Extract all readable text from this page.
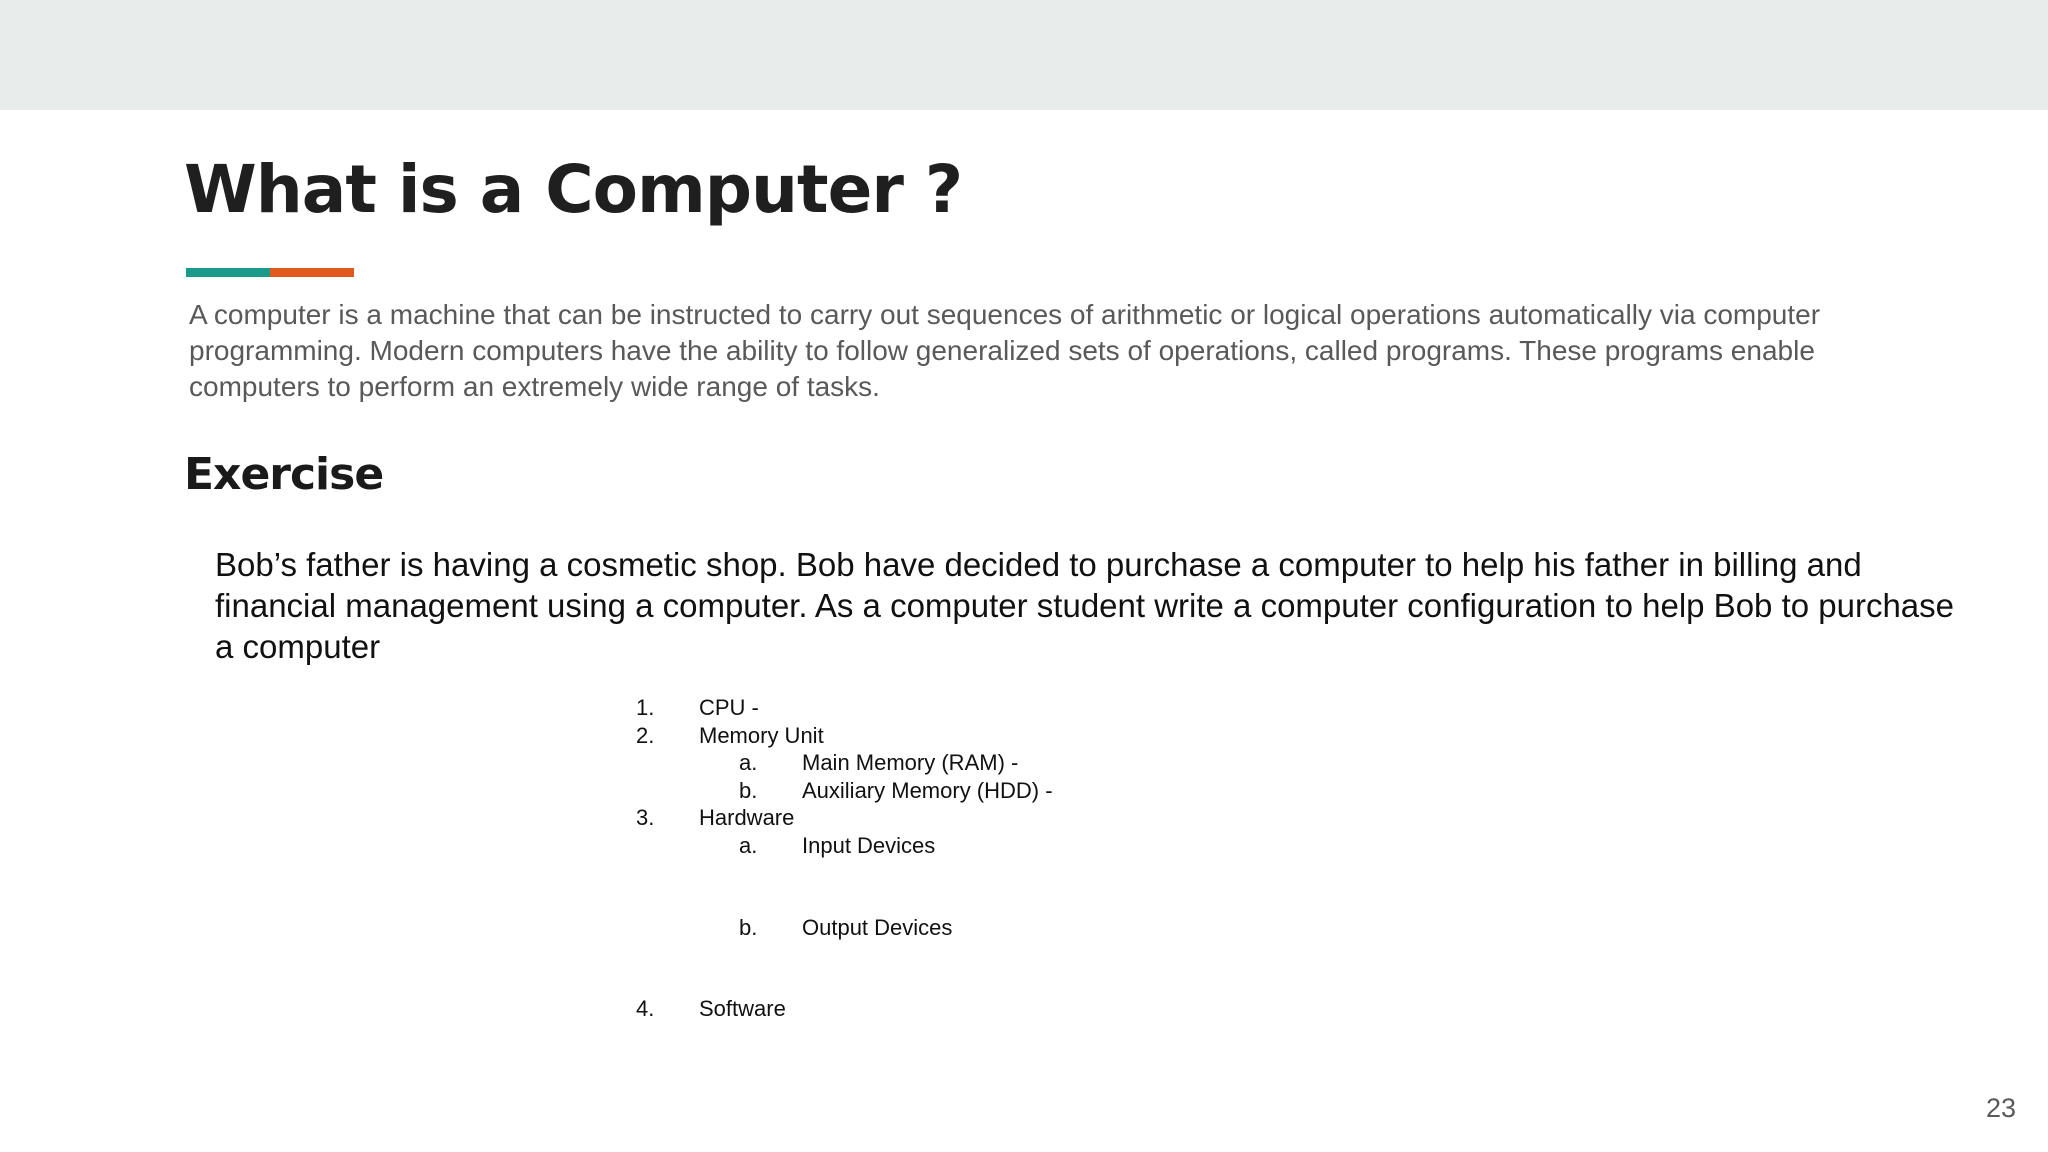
What is a Computer ?

A computer is a machine that can be instructed to carry out sequences of arithmetic or logical operations automatically via computer programming. Modern computers have the ability to follow generalized sets of operations, called programs. These programs enable computers to perform an extremely wide range of tasks.

Exercise

Bob’s father is having a cosmetic shop. Bob have decided to purchase a computer to help his father in billing and financial management using a computer. As a computer student write a computer configuration to help Bob to purchase a computer

1. CPU -
2. Memory Unit
a. Main Memory (RAM) -
b. Auxiliary Memory (HDD) -
3. Hardware
a. Input Devices
b. Output Devices
4. Software
23
